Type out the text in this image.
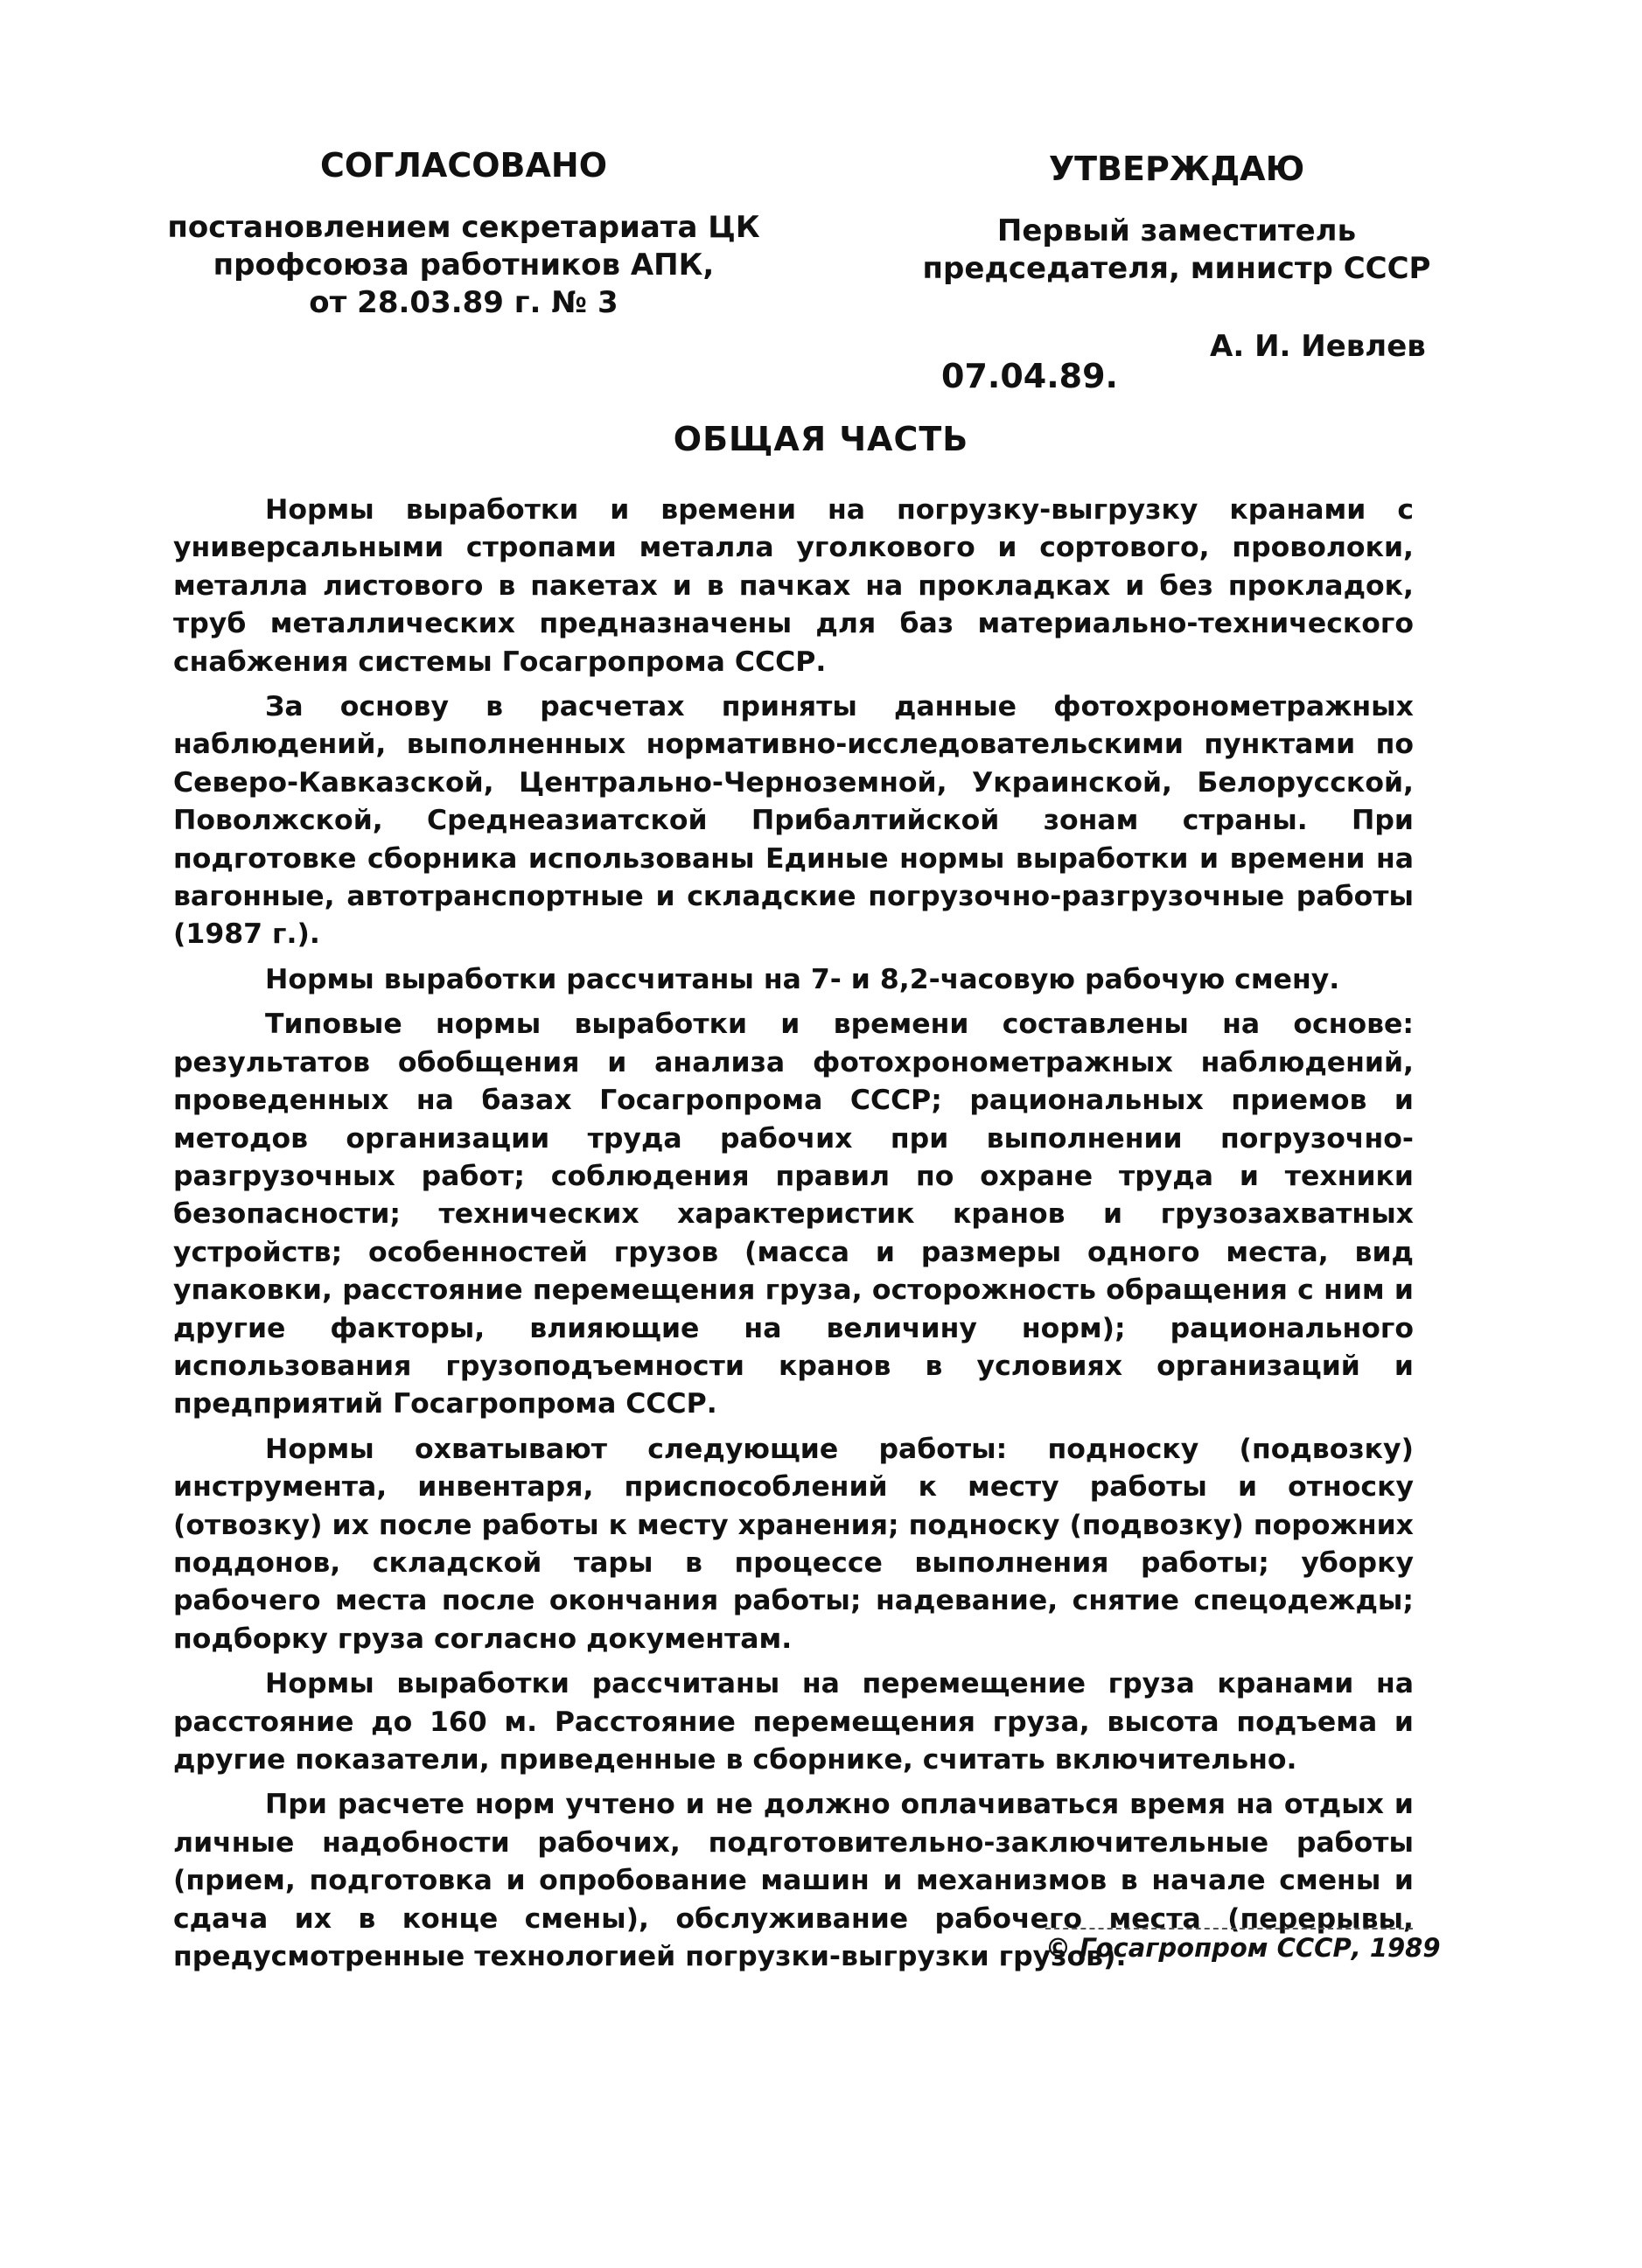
СОГЛАСОВАНО
постановлением секретариата ЦК
профсоюза работников АПК,
от 28.03.89 г. № 3
УТВЕРЖДАЮ
Первый заместитель
председателя, министр СССР
А. И. Иевлев
07.04.89.
ОБЩАЯ ЧАСТЬ

Нормы выработки и времени на погрузку-выгрузку кранами с универсальными стропами металла уголкового и сортового, проволоки, металла листового в пакетах и в пачках на прокладках и без прокладок, труб металлических предназначены для баз материально-технического снабжения системы Госагропрома СССР.

За основу в расчетах приняты данные фотохронометражных наблюдений, выполненных нормативно-исследовательскими пунктами по Северо-Кавказской, Центрально-Черноземной, Украинской, Белорусской, Поволжской, Среднеазиатской Прибалтийской зонам страны. При подготовке сборника использованы Единые нормы выработки и времени на вагонные, автотранспортные и складские погрузочно-разгрузочные работы (1987 г.).

Нормы выработки рассчитаны на 7- и 8,2-часовую рабочую смену.

Типовые нормы выработки и времени составлены на основе: результатов обобщения и анализа фотохронометражных наблюдений, проведенных на базах Госагропрома СССР; рациональных приемов и методов организации труда рабочих при выполнении погрузочно-разгрузочных работ; соблюдения правил по охране труда и техники безопасности; технических характеристик кранов и грузозахватных устройств; особенностей грузов (масса и размеры одного места, вид упаковки, расстояние перемещения груза, осторожность обращения с ним и другие факторы, влияющие на величину норм); рационального использования грузоподъемности кранов в условиях организаций и предприятий Госагропрома СССР.

Нормы охватывают следующие работы: подноску (подвозку) инструмента, инвентаря, приспособлений к месту работы и относку (отвозку) их после работы к месту хранения; подноску (подвозку) порожних поддонов, складской тары в процессе выполнения работы; уборку рабочего места после окончания работы; надевание, снятие спецодежды; подборку груза согласно документам.

Нормы выработки рассчитаны на перемещение груза кранами на расстояние до 160 м. Расстояние перемещения груза, высота подъема и другие показатели, приведенные в сборнике, считать включительно.

При расчете норм учтено и не должно оплачиваться время на отдых и личные надобности рабочих, подготовительно-заключительные работы (прием, подготовка и опробование машин и механизмов в начале смены и сдача их в конце смены), обслуживание рабочего места (перерывы, предусмотренные технологией погрузки-выгрузки грузов).

© Госагропром СССР, 1989
